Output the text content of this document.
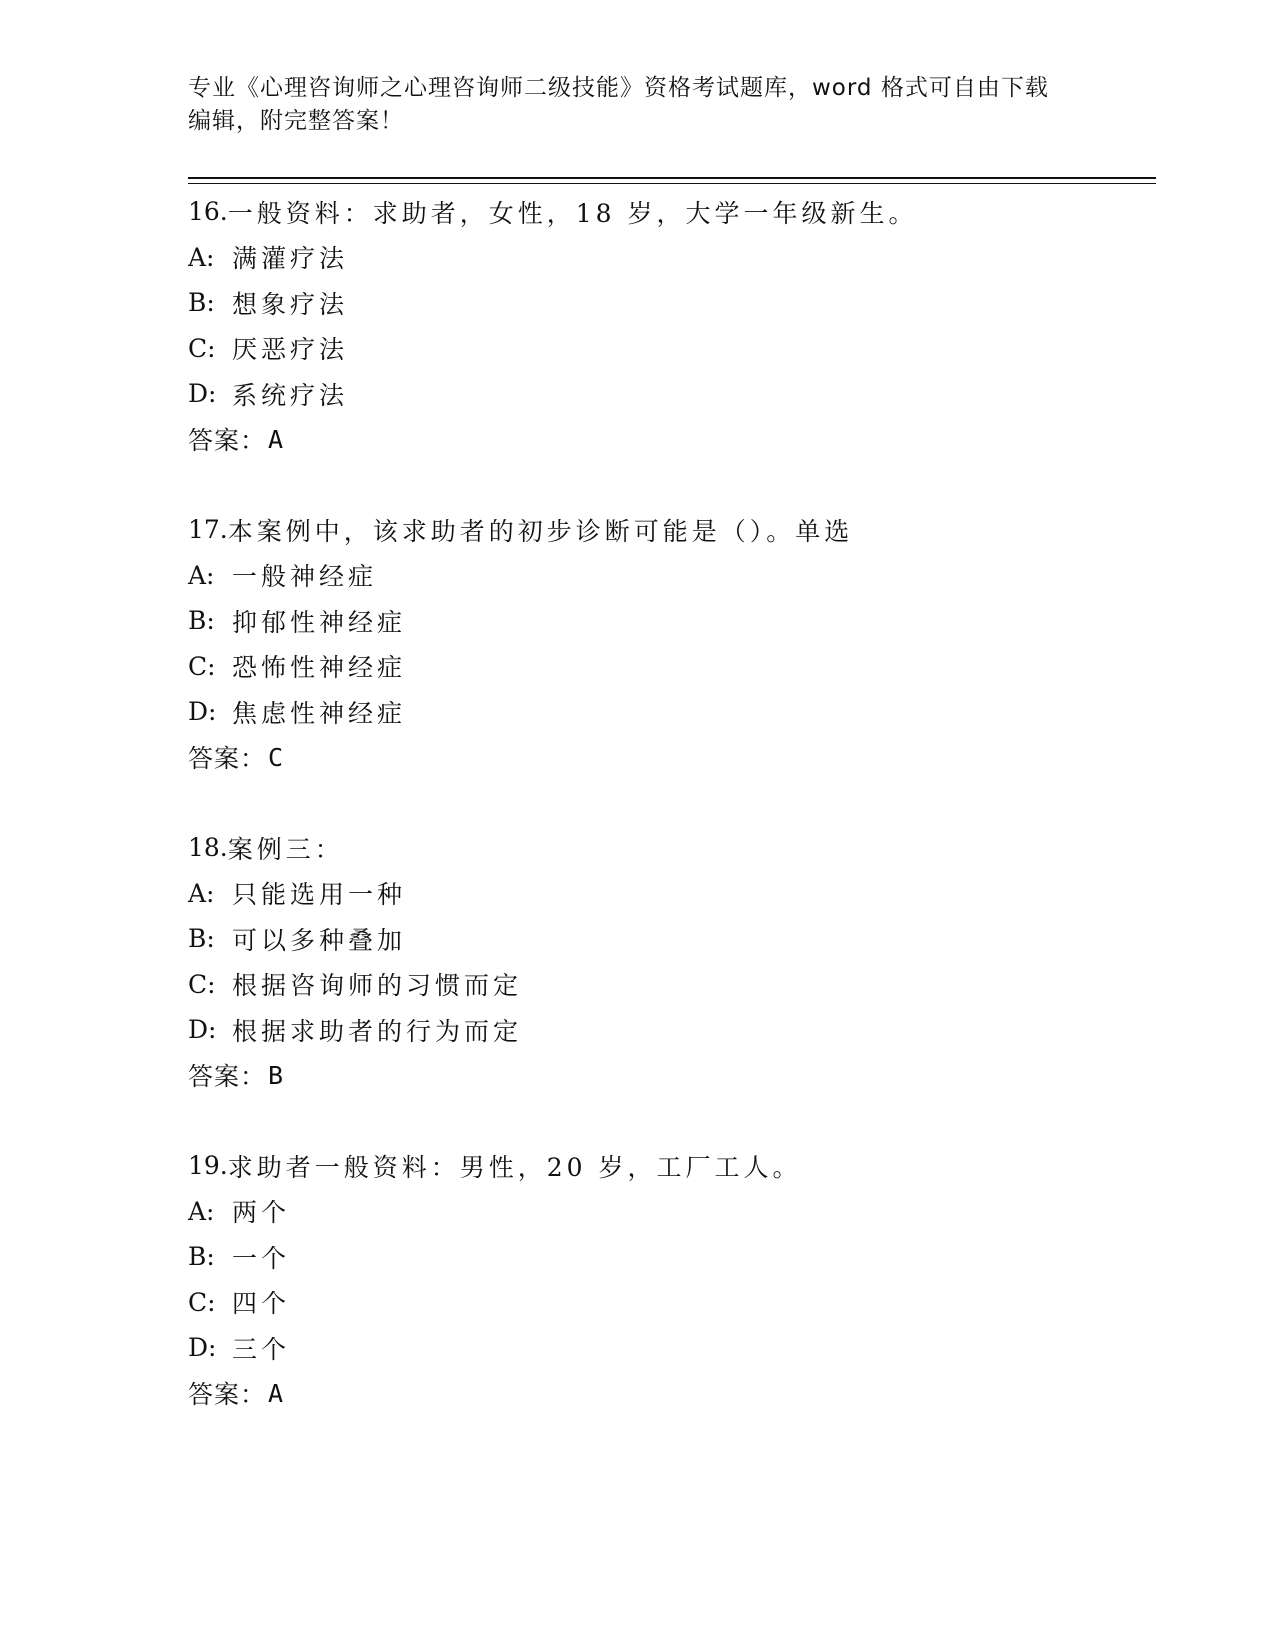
专业《心理咨询师之心理咨询师二级技能》资格考试题库，word 格式可自由下载
编辑，附完整答案！
16. 一般资料：求助者，女性，18 岁，大学一年级新生。
A: 满灌疗法
B: 想象疗法
C: 厌恶疗法
D: 系统疗法
答案： A
17. 本案例中，该求助者的初步诊断可能是（）。单选
A: 一般神经症
B: 抑郁性神经症
C: 恐怖性神经症
D: 焦虑性神经症
答案： C
18. 案例三：
A: 只能选用一种
B: 可以多种叠加
C: 根据咨询师的习惯而定
D: 根据求助者的行为而定
答案： B
19. 求助者一般资料：男性，20 岁，工厂工人。
A: 两个
B: 一个
C: 四个
D: 三个
答案： A
